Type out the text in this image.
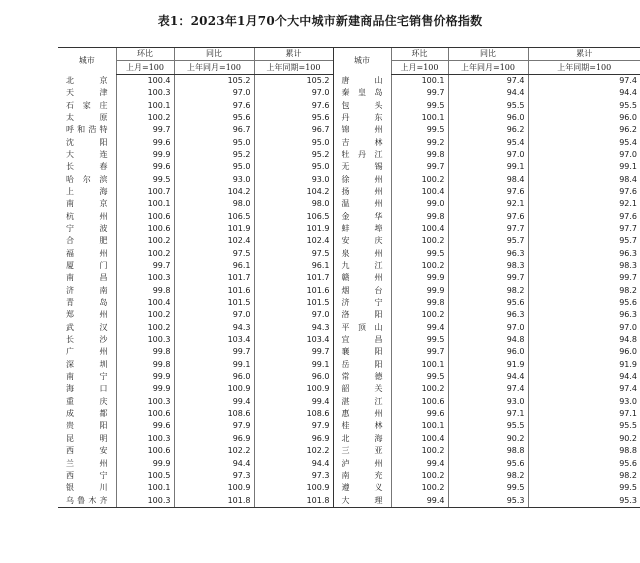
表1：2023年1月70个大中城市新建商品住宅销售价格指数
城市	环比	同比	累计	城市	环比	同比	累计
	上月=100	上年同月=100	上年同期=100		上月=100	上年同月=100	上年同期=100
北　京	100.4	105.2	105.2	唐　山	100.1	97.4	97.4
天　津	100.3	97.0	97.0	秦皇岛	99.7	94.4	94.4
石家庄	100.1	97.6	97.6	包　头	99.5	95.5	95.5
太　原	100.2	95.6	95.6	丹　东	100.1	96.0	96.0
呼和浩特	99.7	96.7	96.7	锦　州	99.5	96.2	96.2
沈　阳	99.6	95.0	95.0	吉　林	99.2	95.4	95.4
大　连	99.9	95.2	95.2	牡丹江	99.8	97.0	97.0
长　春	99.6	95.0	95.0	无　锡	99.7	99.1	99.1
哈尔滨	99.5	93.0	93.0	徐　州	100.2	98.4	98.4
上　海	100.7	104.2	104.2	扬　州	100.4	97.6	97.6
南　京	100.1	98.0	98.0	温　州	99.0	92.1	92.1
杭　州	100.6	106.5	106.5	金　华	99.8	97.6	97.6
宁　波	100.6	101.9	101.9	蚌　埠	100.4	97.7	97.7
合　肥	100.2	102.4	102.4	安　庆	100.2	95.7	95.7
福　州	100.2	97.5	97.5	泉　州	99.5	96.3	96.3
厦　门	99.7	96.1	96.1	九　江	100.2	98.3	98.3
南　昌	100.3	101.7	101.7	赣　州	99.9	99.7	99.7
济　南	99.8	101.6	101.6	烟　台	99.9	98.2	98.2
青　岛	100.4	101.5	101.5	济　宁	99.8	95.6	95.6
郑　州	100.2	97.0	97.0	洛　阳	100.2	96.3	96.3
武　汉	100.2	94.3	94.3	平顶山	99.4	97.0	97.0
长　沙	100.3	103.4	103.4	宜　昌	99.5	94.8	94.8
广　州	99.8	99.7	99.7	襄　阳	99.7	96.0	96.0
深　圳	99.8	99.1	99.1	岳　阳	100.1	91.9	91.9
南　宁	99.9	96.0	96.0	常　德	99.5	94.4	94.4
海　口	99.9	100.9	100.9	韶　关	100.2	97.4	97.4
重　庆	100.3	99.4	99.4	湛　江	100.6	93.0	93.0
成　都	100.6	108.6	108.6	惠　州	99.6	97.1	97.1
贵　阳	99.6	97.9	97.9	桂　林	100.1	95.5	95.5
昆　明	100.3	96.9	96.9	北　海	100.4	90.2	90.2
西　安	100.6	102.2	102.2	三　亚	100.2	98.8	98.8
兰　州	99.9	94.4	94.4	泸　州	99.4	95.6	95.6
西　宁	100.5	97.3	97.3	南　充	100.2	98.2	98.2
银　川	100.1	100.9	100.9	遵　义	100.2	99.5	99.5
乌鲁木齐	100.3	101.8	101.8	大　理	99.4	95.3	95.3
